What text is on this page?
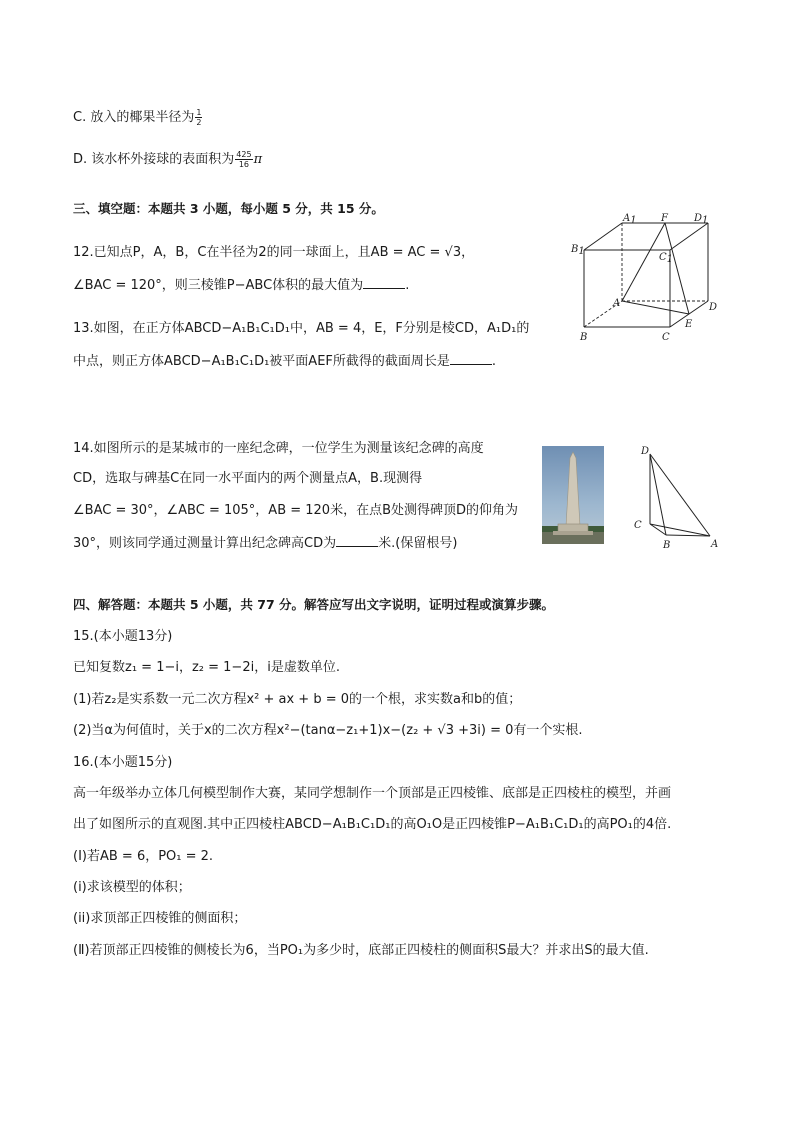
C. 放入的椰果半径为 $\frac{1}{2}$
D. 该水杯外接球的表面积为 $\frac{425}{16}$ π
三、填空题：本题共 3 小题，每小题 5 分，共 15 分。
12.已知点P，A，B，C在半径为2的同一球面上，且AB = AC = √3，
∠BAC = 120°，则三棱锥P−ABC体积的最大值为	.
13.如图，在正方体ABCD−A₁B₁C₁D₁中，AB = 4，E，F分别是棱CD，A₁D₁的
中点，则正方体ABCD−A₁B₁C₁D₁被平面AEF所截得的截面周长是	.
A1 F	D1
B1
C1
A	D
B	C
E
14.如图所示的是某城市的一座纪念碑，一位学生为测量该纪念碑的高度
CD，选取与碑基C在同一水平面内的两个测量点A，B.现测得
∠BAC = 30°，∠ABC = 105°，AB = 120米，在点B处测得碑顶D的仰角为
30°，则该同学通过测量计算出纪念碑高CD为	米.(保留根号)
D
C
B	A
四、解答题：本题共 5 小题，共 77 分。解答应写出文字说明，证明过程或演算步骤。
15.(本小题13分)
已知复数z₁ = 1−i，z₂ = 1−2i，i是虚数单位.
(1)若z₂是实系数一元二次方程x² + ax + b = 0的一个根，求实数a和b的值；
(2)当α为何值时，关于x的二次方程x²−(tanα−z₁+1)x−(z₂ + √3 +3i) = 0有一个实根.
16.(本小题15分)
高一年级举办立体几何模型制作大赛，某同学想制作一个顶部是正四棱锥、底部是正四棱柱的模型，并画
出了如图所示的直观图.其中正四棱柱ABCD−A₁B₁C₁D₁的高O₁O是正四棱锥P−A₁B₁C₁D₁的高PO₁的4倍.
(Ⅰ)若AB = 6，PO₁ = 2.
(i)求该模型的体积；
(ii)求顶部正四棱锥的侧面积；
(Ⅱ)若顶部正四棱锥的侧棱长为6，当PO₁为多少时，底部正四棱柱的侧面积S最大？并求出S的最大值.
